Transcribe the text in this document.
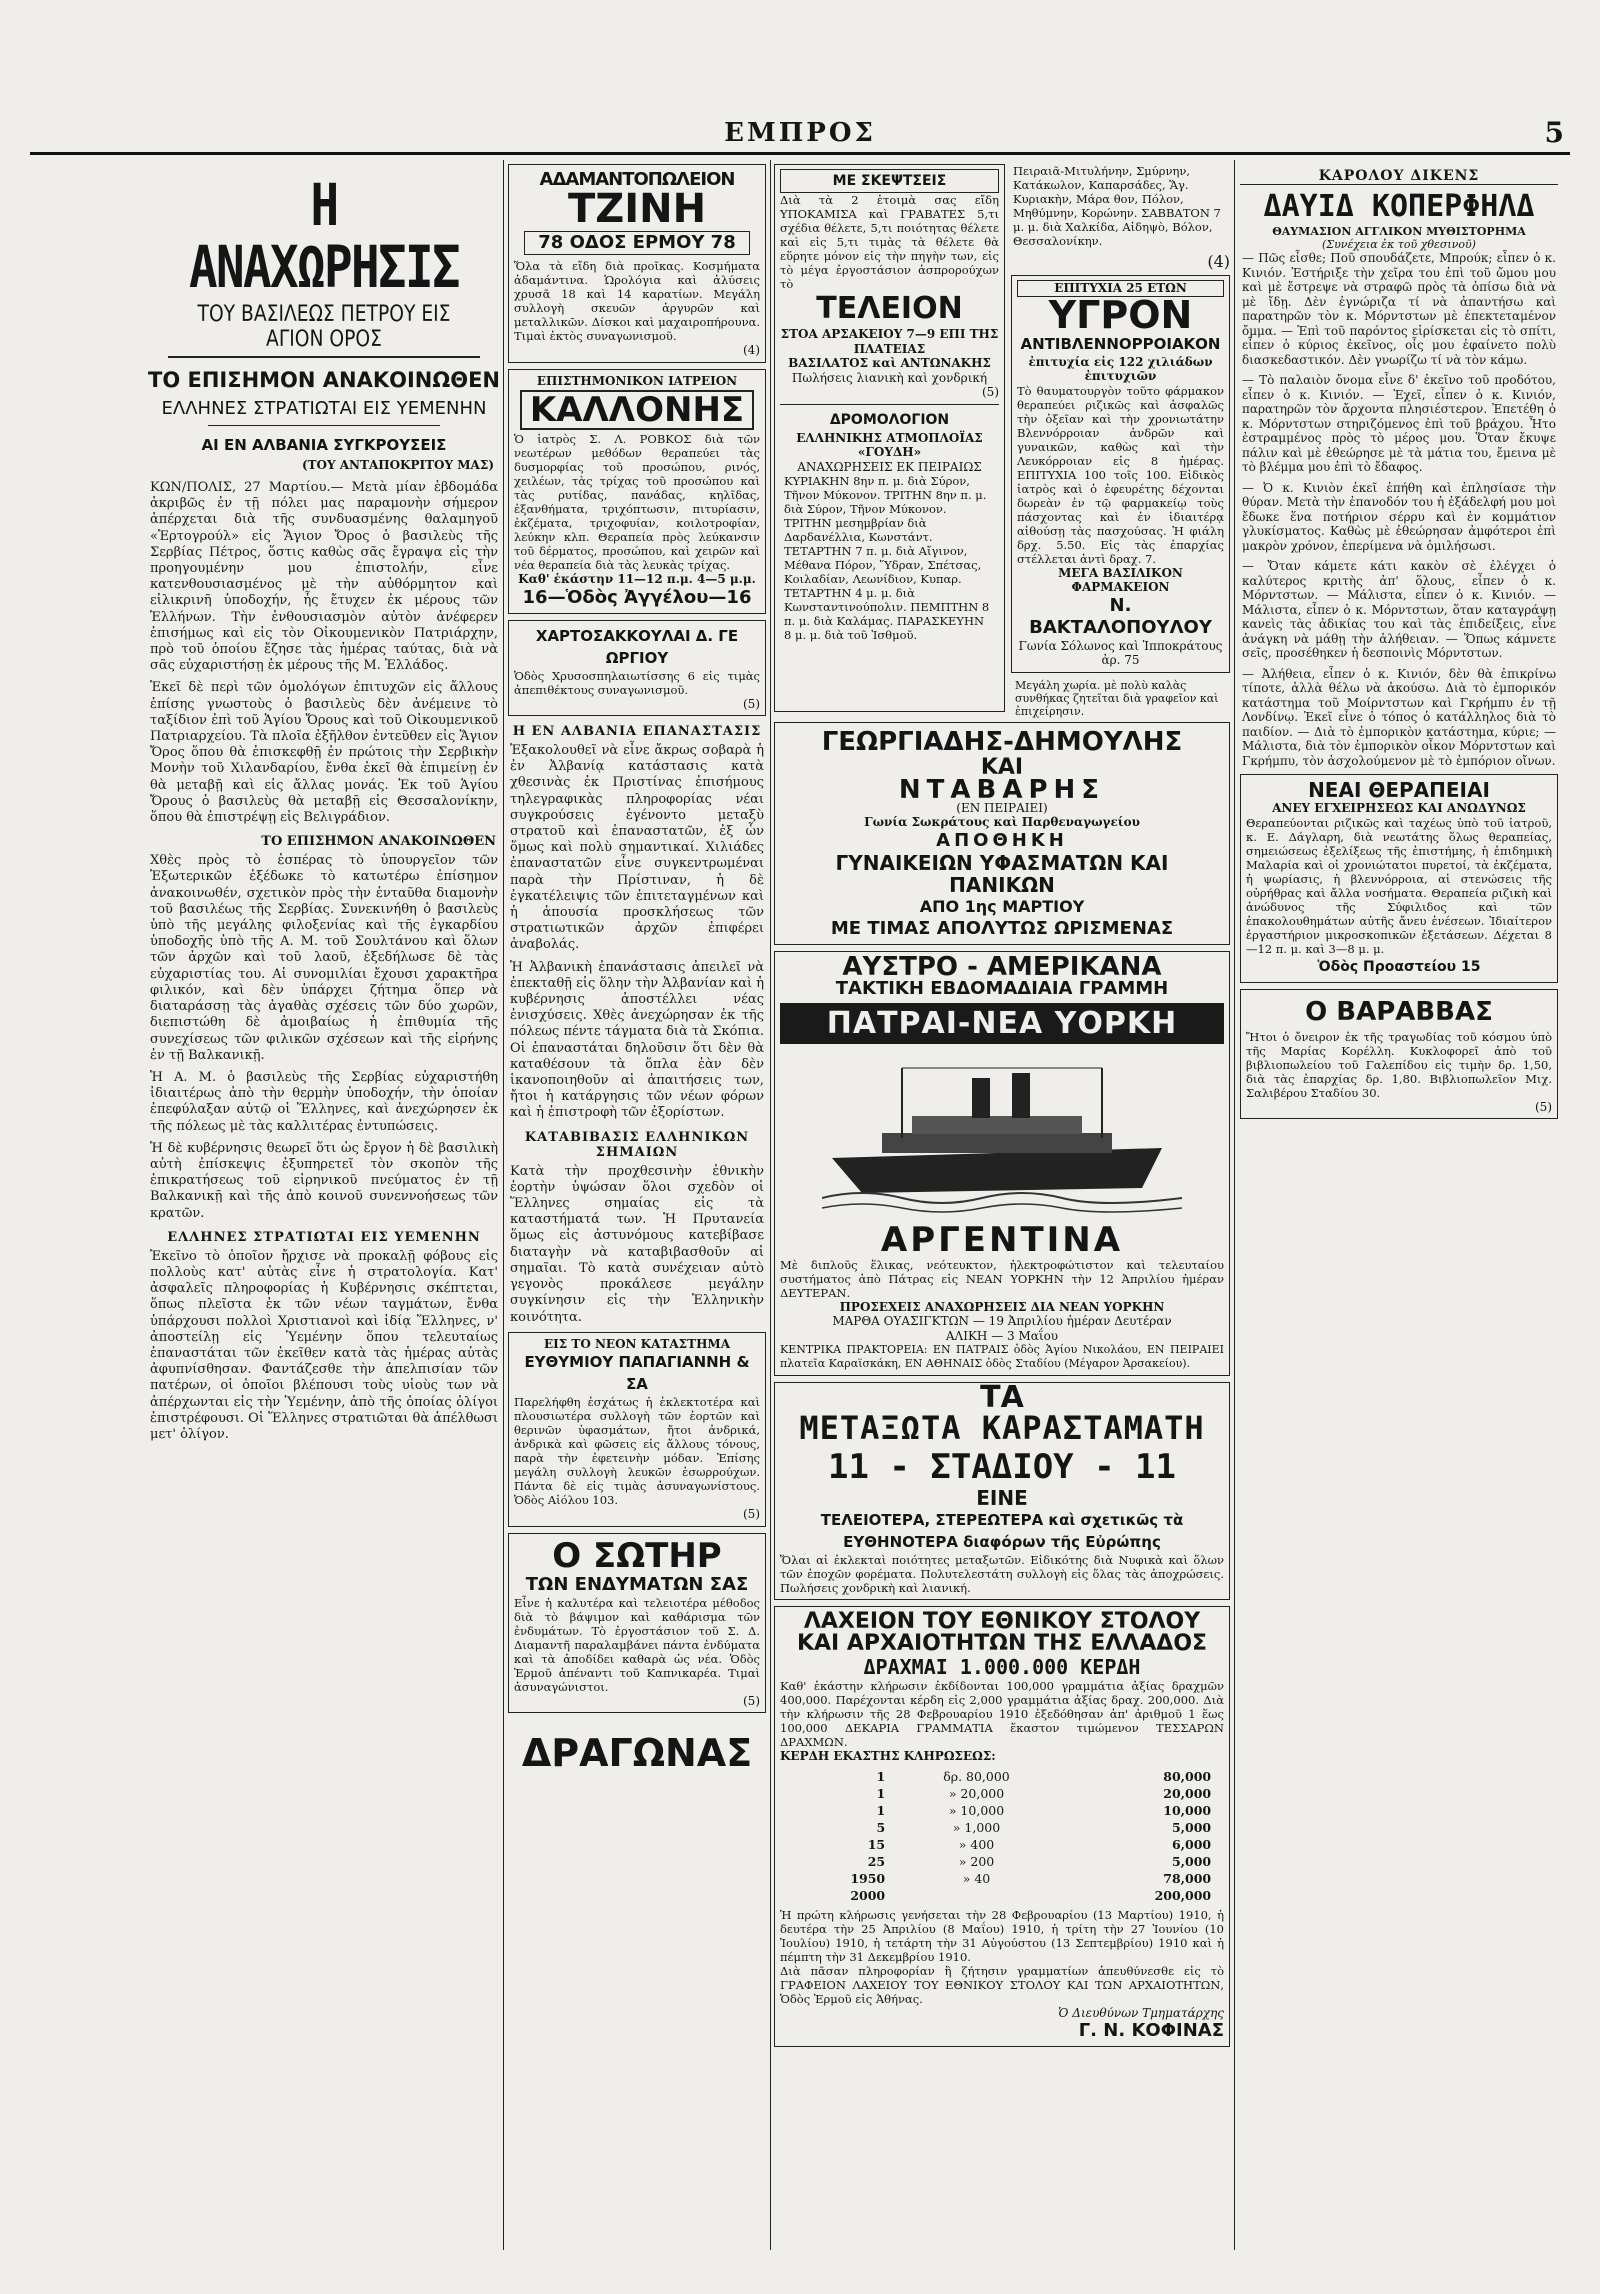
ΕΜΠΡΟΣ	5
Η ΑΝΑΧΩΡΗΣΙΣ
ΤΟΥ ΒΑΣΙΛΕΩΣ ΠΕΤΡΟΥ ΕΙΣ ΑΓΙΟΝ ΟΡΟΣ
ΤΟ ΕΠΙΣΗΜΟΝ ΑΝΑΚΟΙΝΩΘΕΝ
ΕΛΛΗΝΕΣ ΣΤΡΑΤΙΩΤΑΙ ΕΙΣ ΥΕΜΕΝΗΝ
ΑΙ ΕΝ ΑΛΒΑΝΙΑ ΣΥΓΚΡΟΥΣΕΙΣ
(ΤΟΥ ΑΝΤΑΠΟΚΡΙΤΟΥ ΜΑΣ)

ΚΩΝ/ΠΟΛΙΣ, 27 Μαρτίου.— Μετὰ μίαν ἑβδομάδα ἀκριβῶς ἐν τῇ πόλει μας παραμονὴν σήμερον ἀπέρχεται διὰ τῆς συνδυασμένης θαλαμηγοῦ «Ἐρτογρούλ» εἰς Ἅγιον Ὄρος ὁ βασιλεὺς τῆς Σερβίας Πέτρος, ὅστις καθὼς σᾶς ἔγραψα εἰς τὴν προηγουμένην μου ἐπιστολήν, εἶνε κατενθουσιασμένος μὲ τὴν αὐθόρμητον καὶ εἰλικρινῆ ὑποδοχήν, ἧς ἔτυχεν ἐκ μέρους τῶν Ἑλλήνων. Τὴν ἐνθουσιασμὸν αὐτὸν ἀνέφερεν ἐπισήμως καὶ εἰς τὸν Οἰκουμενικὸν Πατριάρχην, πρὸ τοῦ ὁποίου ἔζησε τὰς ἡμέρας ταύτας, διὰ νὰ σᾶς εὐχαριστήσῃ ἐκ μέρους τῆς Μ. Ἐλλάδος.

Ἐκεῖ δὲ περὶ τῶν ὁμολόγων ἐπιτυχῶν εἰς ἄλλους ἐπίσης γνωστοὺς ὁ βασιλεὺς δὲν ἀνέμεινε τὸ ταξίδιον ἐπὶ τοῦ Ἁγίου Ὄρους καὶ τοῦ Οἰκουμενικοῦ Πατριαρχείου. Τὰ πλοῖα ἐξῆλθον ἐντεῦθεν εἰς Ἅγιον Ὄρος ὅπου θὰ ἐπισκεφθῇ ἐν πρώτοις τὴν Σερβικὴν Μονὴν τοῦ Χιλανδαρίου, ἔνθα ἐκεῖ θὰ ἐπιμείνῃ ἐν θὰ μεταβῇ καὶ εἰς ἄλλας μονάς. Ἐκ τοῦ Ἁγίου Ὄρους ὁ βασιλεὺς θὰ μεταβῇ εἰς Θεσσαλονίκην, ὅπου θὰ ἐπιστρέψῃ εἰς Βελιγράδιον.

ΤΟ ΕΠΙΣΗΜΟΝ ΑΝΑΚΟΙΝΩΘΕΝ

Χθὲς πρὸς τὸ ἑσπέρας τὸ ὑπουργεῖον τῶν Ἐξωτερικῶν ἐξέδωκε τὸ κατωτέρω ἐπίσημον ἀνακοινωθέν, σχετικὸν πρὸς τὴν ἐνταῦθα διαμονὴν τοῦ βασιλέως τῆς Σερβίας. Συνεκινήθη ὁ βασιλεὺς ὑπὸ τῆς μεγάλης φιλοξενίας καὶ τῆς ἐγκαρδίου ὑποδοχῆς ὑπὸ τῆς Α. Μ. τοῦ Σουλτάνου καὶ ὅλων τῶν ἀρχῶν καὶ τοῦ λαοῦ, ἐξεδήλωσε δὲ τὰς εὐχαριστίας του. Αἱ συνομιλίαι ἔχουσι χαρακτῆρα φιλικόν, καὶ δὲν ὑπάρχει ζήτημα ὅπερ νὰ διαταράσσῃ τὰς ἀγαθὰς σχέσεις τῶν δύο χωρῶν, διεπιστώθη δὲ ἀμοιβαίως ἡ ἐπιθυμία τῆς συνεχίσεως τῶν φιλικῶν σχέσεων καὶ τῆς εἰρήνης ἐν τῇ Βαλκανικῇ.

Ἡ Α. Μ. ὁ βασιλεὺς τῆς Σερβίας εὐχαριστήθη ἰδιαιτέρως ἀπὸ τὴν θερμὴν ὑποδοχήν, τὴν ὁποίαν ἐπεφύλαξαν αὐτῷ οἱ Ἕλληνες, καὶ ἀνεχώρησεν ἐκ τῆς πόλεως μὲ τὰς καλλιτέρας ἐντυπώσεις.

Ἡ δὲ κυβέρνησις θεωρεῖ ὅτι ὡς ἔργον ἡ δὲ βασιλικὴ αὐτὴ ἐπίσκεψις ἐξυπηρετεῖ τὸν σκοπὸν τῆς ἐπικρατήσεως τοῦ εἰρηνικοῦ πνεύματος ἐν τῇ Βαλκανικῇ καὶ τῆς ἀπὸ κοινοῦ συνεννοήσεως τῶν κρατῶν.

ΕΛΛΗΝΕΣ ΣΤΡΑΤΙΩΤΑΙ ΕΙΣ ΥΕΜΕΝΗΝ

Ἐκεῖνο τὸ ὁποῖον ἤρχισε νὰ προκαλῇ φόβους εἰς πολλοὺς κατ' αὐτὰς εἶνε ἡ στρατολογία. Κατ' ἀσφαλεῖς πληροφορίας ἡ Κυβέρνησις σκέπτεται, ὅπως πλεῖστα ἐκ τῶν νέων ταγμάτων, ἔνθα ὑπάρχουσι πολλοὶ Χριστιανοὶ καὶ ἰδίᾳ Ἕλληνες, ν' ἀποστείλῃ εἰς Ὑεμένην ὅπου τελευταίως ἐπαναστάται τῶν ἐκεῖθεν κατὰ τὰς ἡμέρας αὐτὰς ἀφυπνίσθησαν. Φαντάζεσθε τὴν ἀπελπισίαν τῶν πατέρων, οἱ ὁποῖοι βλέπουσι τοὺς υἱοὺς των νὰ ἀπέρχωνται εἰς τὴν Ὑεμένην, ἀπὸ τῆς ὁποίας ὀλίγοι ἐπιστρέφουσι. Οἱ Ἕλληνες στρατιῶται θὰ ἀπέλθωσι μετ' ὀλίγον.

ΑΔΑΜΑΝΤΟΠΩΛΕΙΟΝ
ΤΖΙΝΗ
78 ΟΔΟΣ ΕΡΜΟΥ 78
Ὅλα τὰ εἴδη διὰ προῖκας. Κοσμήματα ἀδαμάντινα. Ὡρολόγια καὶ ἀλύσεις χρυσᾶ 18 καὶ 14 καρατίων. Μεγάλη συλλογὴ σκευῶν ἀργυρῶν καὶ μεταλλικῶν. Δίσκοι καὶ μαχαιροπήρουνα. Τιμαὶ ἐκτὸς συναγωνισμοῦ.
(4)
ΕΠΙΣΤΗΜΟΝΙΚΟΝ ΙΑΤΡΕΙΟΝ
ΚΑΛΛΟΝΗΣ
Ὁ ἰατρὸς Σ. Λ. ΡΟΒΚΟΣ διὰ τῶν νεωτέρων μεθόδων θεραπεύει τὰς δυσμορφίας τοῦ προσώπου, ρινός, χειλέων, τὰς τρίχας τοῦ προσώπου καὶ τὰς ρυτίδας, πανάδας, κηλῖδας, ἐξανθήματα, τριχόπτωσιν, πιτυρίασιν, ἐκζέματα, τριχοφυίαν, κοιλοτροφίαν, λεύκην κλπ. Θεραπεία πρὸς λεύκανσιν τοῦ δέρματος, προσώπου, καὶ χειρῶν καὶ νέα θεραπεία διὰ τὰς λευκὰς τρίχας.
Καθ' ἑκάστην 11—12 π.μ. 4—5 μ.μ.
16—Ὁδὸς Ἀγγέλου—16
ΧΑΡΤΟΣΑΚΚΟΥΛΑΙ Δ. ΓΕ ΩΡΓΙΟΥ
Ὁδὸς Χρυσοσπηλαιωτίσσης 6 εἰς τιμὰς ἀπεπιθέκτους συναγωνισμοῦ.
(5)
Η ΕΝ ΑΛΒΑΝΙΑ ΕΠΑΝΑΣΤΑΣΙΣ

Ἐξακολουθεῖ νὰ εἶνε ἄκρως σοβαρὰ ἡ ἐν Ἀλβανίᾳ κατάστασις κατὰ χθεσινὰς ἐκ Πριστίνας ἐπισήμους τηλεγραφικὰς πληροφορίας νέαι συγκρούσεις ἐγένοντο μεταξὺ στρατοῦ καὶ ἐπαναστατῶν, ἐξ ὧν ὅμως καὶ πολὺ σημαντικαί. Χιλιάδες ἐπαναστατῶν εἶνε συγκεντρωμέναι παρὰ τὴν Πρίστιναν, ἡ δὲ ἐγκατέλειψις τῶν ἐπιτεταγμένων καὶ ἡ ἀπουσία προσκλήσεως τῶν στρατιωτικῶν ἀρχῶν ἐπιφέρει ἀναβολάς.

Ἡ Ἀλβανικὴ ἐπανάστασις ἀπειλεῖ νὰ ἐπεκταθῇ εἰς ὅλην τὴν Ἀλβανίαν καὶ ἡ κυβέρνησις ἀποστέλλει νέας ἐνισχύσεις. Χθὲς ἀνεχώρησαν ἐκ τῆς πόλεως πέντε τάγματα διὰ τὰ Σκόπια. Οἱ ἐπαναστάται δηλοῦσιν ὅτι δὲν θὰ καταθέσουν τὰ ὅπλα ἐὰν δὲν ἱκανοποιηθοῦν αἱ ἀπαιτήσεις των, ἤτοι ἡ κατάργησις τῶν νέων φόρων καὶ ἡ ἐπιστροφὴ τῶν ἐξορίστων.

ΚΑΤΑΒΙΒΑΣΙΣ ΕΛΛΗΝΙΚΩΝ ΣΗΜΑΙΩΝ

Κατὰ τὴν προχθεσινὴν ἐθνικὴν ἑορτὴν ὑψώσαν ὅλοι σχεδὸν οἱ Ἕλληνες σημαίας εἰς τὰ καταστήματά των. Ἡ Πρυτανεία ὅμως εἰς ἀστυνόμους κατεβίβασε διαταγὴν νὰ καταβιβασθοῦν αἱ σημαῖαι. Τὸ κατὰ συνέχειαν αὐτὸ γεγονὸς προκάλεσε μεγάλην συγκίνησιν εἰς τὴν Ἑλληνικὴν κοινότητα.

ΕΙΣ ΤΟ ΝΕΟΝ ΚΑΤΑΣΤΗΜΑ
ΕΥΘΥΜΙΟΥ ΠΑΠΑΓΙΑΝΝΗ & ΣΑ
Παρελήφθη ἐσχάτως ἡ ἐκλεκτοτέρα καὶ πλουσιωτέρα συλλογὴ τῶν ἑορτῶν καὶ θερινῶν ὑφασμάτων, ἤτοι ἀνδρικά, ἀνδρικὰ καὶ φῶσεις εἰς ἄλλους τόνους, παρὰ τὴν ἐφετεινὴν μόδαν. Ἐπίσης μεγάλη συλλογὴ λευκῶν ἐσωρρούχων. Πάντα δὲ εἰς τιμὰς ἀσυναγωνίστους. Ὁδὸς Αἰόλου 103.
(5)
Ο ΣΩΤΗΡ
ΤΩΝ ΕΝΔΥΜΑΤΩΝ ΣΑΣ
Εἶνε ἡ καλυτέρα καὶ τελειοτέρα μέθοδος διὰ τὸ βάψιμον καὶ καθάρισμα τῶν ἐνδυμάτων. Τὸ ἐργοστάσιον τοῦ Σ. Δ. Διαμαντῆ παραλαμβάνει πάντα ἐνδύματα καὶ τὰ ἀποδίδει καθαρὰ ὡς νέα. Ὁδὸς Ἑρμοῦ ἀπέναντι τοῦ Καπνικαρέα. Τιμαὶ ἀσυναγώνιστοι.
(5)
ΔΡΑΓΩΝΑΣ
ΜΕ ΣΚΕΨΤΣΕΙΣ
Διὰ τὰ 2 ἑτοιμὰ σας εἴδη ΥΠΟΚΑΜΙΣΑ καὶ ΓΡΑΒΑΤΕΣ 5,τι σχέδια θέλετε, 5,τι ποιότητας θέλετε καὶ εἰς 5,τι τιμὰς τὰ θέλετε θὰ εὕρητε μόνον εἰς τὴν πηγὴν των, εἰς τὸ μέγα ἐργοστάσιον ἀσπρορούχων τὸ
ΤΕΛΕΙΟΝ
ΣΤΟΑ ΑΡΣΑΚΕΙΟΥ 7—9 ΕΠΙ ΤΗΣ ΠΛΑΤΕΙΑΣ
ΒΑΣΙΛΑΤΟΣ καὶ ΑΝΤΩΝΑΚΗΣ
Πωλήσεις λιανικὴ καὶ χονδρική
(5)
ΔΡΟΜΟΛΟΓΙΟΝ
ΕΛΛΗΝΙΚΗΣ ΑΤΜΟΠΛΟΪΑΣ «ΓΟΥΔΗ»
ΑΝΑΧΩΡΗΣΕΙΣ ΕΚ ΠΕΙΡΑΙΩΣ
ΚΥΡΙΑΚΗΝ 8ην π. μ. διὰ Σύρον, Τῆνον Μύκονον. ΤΡΙΤΗΝ 8ην π. μ. διὰ Σύρον, Τῆνον Μύκονον. ΤΡΙΤΗΝ μεσημβρίαν διὰ Δαρδανέλλια, Κωνστάντ. ΤΕΤΑΡΤΗΝ 7 π. μ. διὰ Αἴγινον, Μέθανα Πόρον, Ὕδραν, Σπέτσας, Κοιλαδίαν, Λεωνίδιον, Κυπαρ. ΤΕΤΑΡΤΗΝ 4 μ. μ. διὰ Κωνσταντινούπολιν. ΠΕΜΠΤΗΝ 8 π. μ. διὰ Καλάμας. ΠΑΡΑΣΚΕΥΗΝ 8 μ. μ. διὰ τοῦ Ἰσθμοῦ.
Πειραιᾶ-Μιτυλήνην, Σμύρνην, Κατάκωλον, Καπαρσάδες, Ἅγ. Κυριακὴν, Μάρα θον, Πόλον, Μηθύμνην, Κορώνην. ΣΑΒΒΑΤΟΝ 7 μ. μ. διὰ Χαλκίδα, Αἰδηψὸ, Βόλον, Θεσσαλονίκην.
(4)
ΕΠΙΤΥΧΙΑ 25 ΕΤΩΝ
ΥΓΡΟΝ
ΑΝΤΙΒΛΕΝΝΟΡΡΟΙΑΚΟΝ
ἐπιτυχία εἰς 122 χιλιάδων ἐπιτυχιῶν
Τὸ θαυματουργὸν τοῦτο φάρμακον θεραπεύει ριζικῶς καὶ ἀσφαλῶς τὴν ὀξεῖαν καὶ τὴν χρονιωτάτην Βλεννόρροιαν ἀνδρῶν καὶ γυναικῶν, καθὼς καὶ τὴν Λευκόρροιαν εἰς 8 ἡμέρας. ΕΠΙΤΥΧΙΑ 100 τοῖς 100. Εἰδικὸς ἰατρὸς καὶ ὁ ἐφευρέτης δέχονται δωρεὰν ἐν τῷ φαρμακείῳ τοὺς πάσχοντας καὶ ἐν ἰδιαιτέρᾳ αἰθούσῃ τὰς πασχούσας. Ἡ φιάλη δρχ. 5.50. Εἰς τὰς ἐπαρχίας στέλλεται ἀντὶ δραχ. 7.
ΜΕΓΑ ΒΑΣΙΛΙΚΟΝ ΦΑΡΜΑΚΕΙΟΝ
Ν. ΒΑΚΤΑΛΟΠΟΥΛΟΥ
Γωνία Σόλωνος καὶ Ἱπποκράτους ἀρ. 75
Μεγάλη χωρία. μὲ πολὺ καλὰς συνθήκας ζητεῖται διὰ γραφεῖον καὶ ἐπιχείρησιν.
ΓΕΩΡΓΙΑΔΗΣ-ΔΗΜΟΥΛΗΣ
ΚΑΙ
ΝΤΑΒΑΡΗΣ
(ΕΝ ΠΕΙΡΑΙΕΙ)
Γωνία Σωκράτους καὶ Παρθεναγωγείου
ΑΠΟΘΗΚΗ
ΓΥΝΑΙΚΕΙΩΝ ΥΦΑΣΜΑΤΩΝ ΚΑΙ ΠΑΝΙΚΩΝ
ΑΠΟ 1ης ΜΑΡΤΙΟΥ
ΜΕ ΤΙΜΑΣ ΑΠΟΛΥΤΩΣ ΩΡΙΣΜΕΝΑΣ
ΑΥΣΤΡΟ - ΑΜΕΡΙΚΑΝΑ
ΤΑΚΤΙΚΗ ΕΒΔΟΜΑΔΙΑΙΑ ΓΡΑΜΜΗ
ΠΑΤΡΑΙ-ΝΕΑ ΥΟΡΚΗ
ΑΡΓΕΝΤΙΝΑ
Μὲ διπλοῦς ἕλικας, νεότευκτον, ἠλεκτροφώτιστον καὶ τελευταίου συστήματος ἀπὸ Πάτρας εἰς ΝΕΑΝ ΥΟΡΚΗΝ τὴν 12 Ἀπριλίου ἡμέραν ΔΕΥΤΕΡΑΝ.
ΠΡΟΣΕΧΕΙΣ ΑΝΑΧΩΡΗΣΕΙΣ ΔΙΑ ΝΕΑΝ ΥΟΡΚΗΝ
ΜΑΡΘΑ ΟΥΑΣΙΓΚΤΩΝ — 19 Ἀπριλίου ἡμέραν Δευτέραν
ΑΛΙΚΗ — 3 Μαΐου
ΚΕΝΤΡΙΚΑ ΠΡΑΚΤΟΡΕΙΑ: ΕΝ ΠΑΤΡΑΙΣ ὁδὸς Ἁγίου Νικολάου, ΕΝ ΠΕΙΡΑΙΕΙ πλατεῖα Καραϊσκάκη, ΕΝ ΑΘΗΝΑΙΣ ὁδὸς Σταδίου (Μέγαρον Ἀρσακείου).
ΤΑ
ΜΕΤΑΞΩΤΑ ΚΑΡΑΣΤΑΜΑΤΗ
11 - ΣΤΑΔΙΟΥ - 11
ΕΙΝΕ
ΤΕΛΕΙΟΤΕΡΑ, ΣΤΕΡΕΩΤΕΡΑ καὶ σχετικῶς τὰ
ΕΥΘΗΝΟΤΕΡΑ διαφόρων τῆς Εὐρώπης
Ὅλαι αἱ ἐκλεκταὶ ποιότητες μεταξωτῶν. Εἰδικότης διὰ Νυφικὰ καὶ ὅλων τῶν ἐποχῶν φορέματα. Πολυτελεστάτη συλλογὴ εἰς ὅλας τὰς ἀποχρώσεις. Πωλήσεις χονδρικὴ καὶ λιανική.
ΛΑΧΕΙΟΝ ΤΟΥ ΕΘΝΙΚΟΥ ΣΤΟΛΟΥ
ΚΑΙ ΑΡΧΑΙΟΤΗΤΩΝ ΤΗΣ ΕΛΛΑΔΟΣ
ΔΡΑΧΜΑΙ 1.000.000 ΚΕΡΔΗ
Καθ' ἑκάστην κλήρωσιν ἐκδίδονται 100,000 γραμμάτια ἀξίας δραχμῶν 400,000. Παρέχονται κέρδη εἰς 2,000 γραμμάτια ἀξίας δραχ. 200,000. Διὰ τὴν κλήρωσιν τῆς 28 Φεβρουαρίου 1910 ἐξεδόθησαν ἀπ' ἀριθμοῦ 1 ἕως 100,000 ΔΕΚΑΡΙΑ ΓΡΑΜΜΑΤΙΑ ἕκαστον τιμώμενον ΤΕΣΣΑΡΩΝ ΔΡΑΧΜΩΝ.
ΚΕΡΔΗ ΕΚΑΣΤΗΣ ΚΛΗΡΩΣΕΩΣ:
1	δρ. 80,000	80,000
1	» 20,000	20,000
1	» 10,000	10,000
5	» 1,000	5,000
15	» 400	6,000
25	» 200	5,000
1950	» 40	78,000
2000		200,000
Ἡ πρώτη κλήρωσις γενήσεται τὴν 28 Φεβρουαρίου (13 Μαρτίου) 1910, ἡ δευτέρα τὴν 25 Ἀπριλίου (8 Μαΐου) 1910, ἡ τρίτη τὴν 27 Ἰουνίου (10 Ἰουλίου) 1910, ἡ τετάρτη τὴν 31 Αὐγούστου (13 Σεπτεμβρίου) 1910 καὶ ἡ πέμπτη τὴν 31 Δεκεμβρίου 1910.
Διὰ πᾶσαν πληροφορίαν ἢ ζήτησιν γραμματίων ἀπευθύνεσθε εἰς τὸ ΓΡΑΦΕΙΟΝ ΛΑΧΕΙΟΥ ΤΟΥ ΕΘΝΙΚΟΥ ΣΤΟΛΟΥ ΚΑΙ ΤΩΝ ΑΡΧΑΙΟΤΗΤΩΝ, Ὁδὸς Ἑρμοῦ εἰς Ἀθήνας.
Ὁ Διευθύνων Τμηματάρχης
Γ. Ν. ΚΟΦΙΝΑΣ
ΚΑΡΟΛΟΥ ΔΙΚΕΝΣ
ΔΑΥΙΔ ΚΟΠΕΡΦΗΛΔ
ΘΑΥΜΑΣΙΟΝ ΑΓΓΛΙΚΟΝ ΜΥΘΙΣΤΟΡΗΜΑ
(Συνέχεια ἐκ τοῦ χθεσινοῦ)

— Πῶς εἶσθε; Ποῦ σπουδάζετε, Μπρούκ; εἶπεν ὁ κ. Κινιόν. Ἐστήριξε τὴν χεῖρα του ἐπὶ τοῦ ὤμου μου καὶ μὲ ἔστρεψε νὰ στραφῶ πρὸς τὰ ὀπίσω διὰ νὰ μὲ ἴδῃ. Δὲν ἐγνώριζα τί νὰ ἀπαντήσω καὶ παρατηρῶν τὸν κ. Μόρντστων μὲ ἐπεκτεταμένον ὄμμα. — Ἐπὶ τοῦ παρόντος εἰρίσκεται εἰς τὸ σπίτι, εἶπεν ὁ κύριος ἐκεῖνος, οἷς μου ἐφαίνετο πολὺ διασκεδαστικόν. Δὲν γνωρίζω τί νὰ τὸν κάμω.

— Τὸ παλαιὸν ὄνομα εἶνε δ' ἐκεῖνο τοῦ προδότου, εἶπεν ὁ κ. Κινιόν. — Ἐχεῖ, εἶπεν ὁ κ. Κινιόν, παρατηρῶν τὸν ἄρχοντα πλησιέστερον. Ἐπετέθη ὁ κ. Μόρντστων στηριζόμενος ἐπὶ τοῦ βράχου. Ἦτο ἐστραμμένος πρὸς τὸ μέρος μου. Ὅταν ἔκυψε πάλιν καὶ μὲ ἐθεώρησε μὲ τὰ μάτια του, ἔμεινα μὲ τὸ βλέμμα μου ἐπὶ τὸ ἔδαφος.

— Ὀ κ. Κινιὸν ἐκεῖ ἐπήθη καὶ ἐπλησίασε τὴν θύραν. Μετὰ τὴν ἐπανοδόν του ἡ ἐξάδελφή μου μοὶ ἔδωκε ἕνα ποτήριον σέρρυ καὶ ἐν κομμάτιον γλυκίσματος. Καθὼς μὲ ἐθεώρησαν ἀμφότεροι ἐπὶ μακρὸν χρόνον, ἐπερίμενα νὰ ὁμιλήσωσι.

— Ὄταν κάμετε κάτι κακὸν σὲ ἐλέγχει ὁ καλύτερος κριτὴς ἀπ' ὅλους, εἶπεν ὁ κ. Μόρντστων. — Μάλιστα, εἶπεν ὁ κ. Κινιόν. — Μάλιστα, εἶπεν ὁ κ. Μόρντστων, ὅταν καταγράψῃ κανεὶς τὰς ἀδικίας του καὶ τὰς ἐπιδείξεις, εἶνε ἀνάγκη νὰ μάθῃ τὴν ἀλήθειαν. — Ὅπως κάμνετε σεῖς, προσέθηκεν ἡ δεσποινὶς Μόρντστων.

— Ἀλήθεια, εἶπεν ὁ κ. Κινιόν, δὲν θὰ ἐπικρίνω τίποτε, ἀλλὰ θέλω νὰ ἀκούσω. Διὰ τὸ ἐμπορικόν κατάστημα τοῦ Μοίρντστων καὶ Γκρήμπυ ἐν τῇ Λονδίνῳ. Ἐκεῖ εἶνε ὁ τόπος ὁ κατάλληλος διὰ τὸ παιδίον. — Διὰ τὸ ἐμπορικὸν κατάστημα, κύριε; — Μάλιστα, διὰ τὸν ἐμπορικὸν οἶκον Μόρντστων καὶ Γκρήμπυ, τὸν ἀσχολούμενον μὲ τὸ ἐμπόριον οἴνων.

ΝΕΑΙ ΘΕΡΑΠΕΙΑΙ
ΑΝΕΥ ΕΓΧΕΙΡΗΣΕΩΣ ΚΑΙ ΑΝΩΔΥΝΩΣ
Θεραπεύονται ριζικῶς καὶ ταχέως ὑπὸ τοῦ ἰατροῦ, κ. Ε. Δάγλαρη, διὰ νεωτάτης ὅλως θεραπείας, σημειώσεως ἐξελίξεως τῆς ἐπιστήμης, ἡ ἐπιδημικὴ Μαλαρία καὶ οἱ χρονιώτατοι πυρετοί, τὰ ἐκζέματα, ἡ ψωρίασις, ἡ βλεννόρροια, αἱ στενώσεις τῆς οὐρήθρας καὶ ἄλλα νοσήματα. Θεραπεία ριζικὴ καὶ ἀνώδυνος τῆς Σύφιλιδος καὶ τῶν ἐπακολουθημάτων αὐτῆς ἄνευ ἐνέσεων. Ἰδιαίτερον ἐργαστήριον μικροσκοπικῶν ἐξετάσεων. Δέχεται 8—12 π. μ. καὶ 3—8 μ. μ.
Ὁδὸς Προαστείου 15
Ο ΒΑΡΑΒΒΑΣ
Ἤτοι ὁ ὄνειρον ἐκ τῆς τραγωδίας τοῦ κόσμου ὑπὸ τῆς Μαρίας Κορέλλη. Κυκλοφορεῖ ἀπὸ τοῦ βιβλιοπωλείου τοῦ Γαλεπίδου εἰς τιμὴν δρ. 1,50, διὰ τὰς ἐπαρχίας δρ. 1,80. Βιβλιοπωλεῖον Μιχ. Σαλιβέρου Σταδίου 30.
(5)
